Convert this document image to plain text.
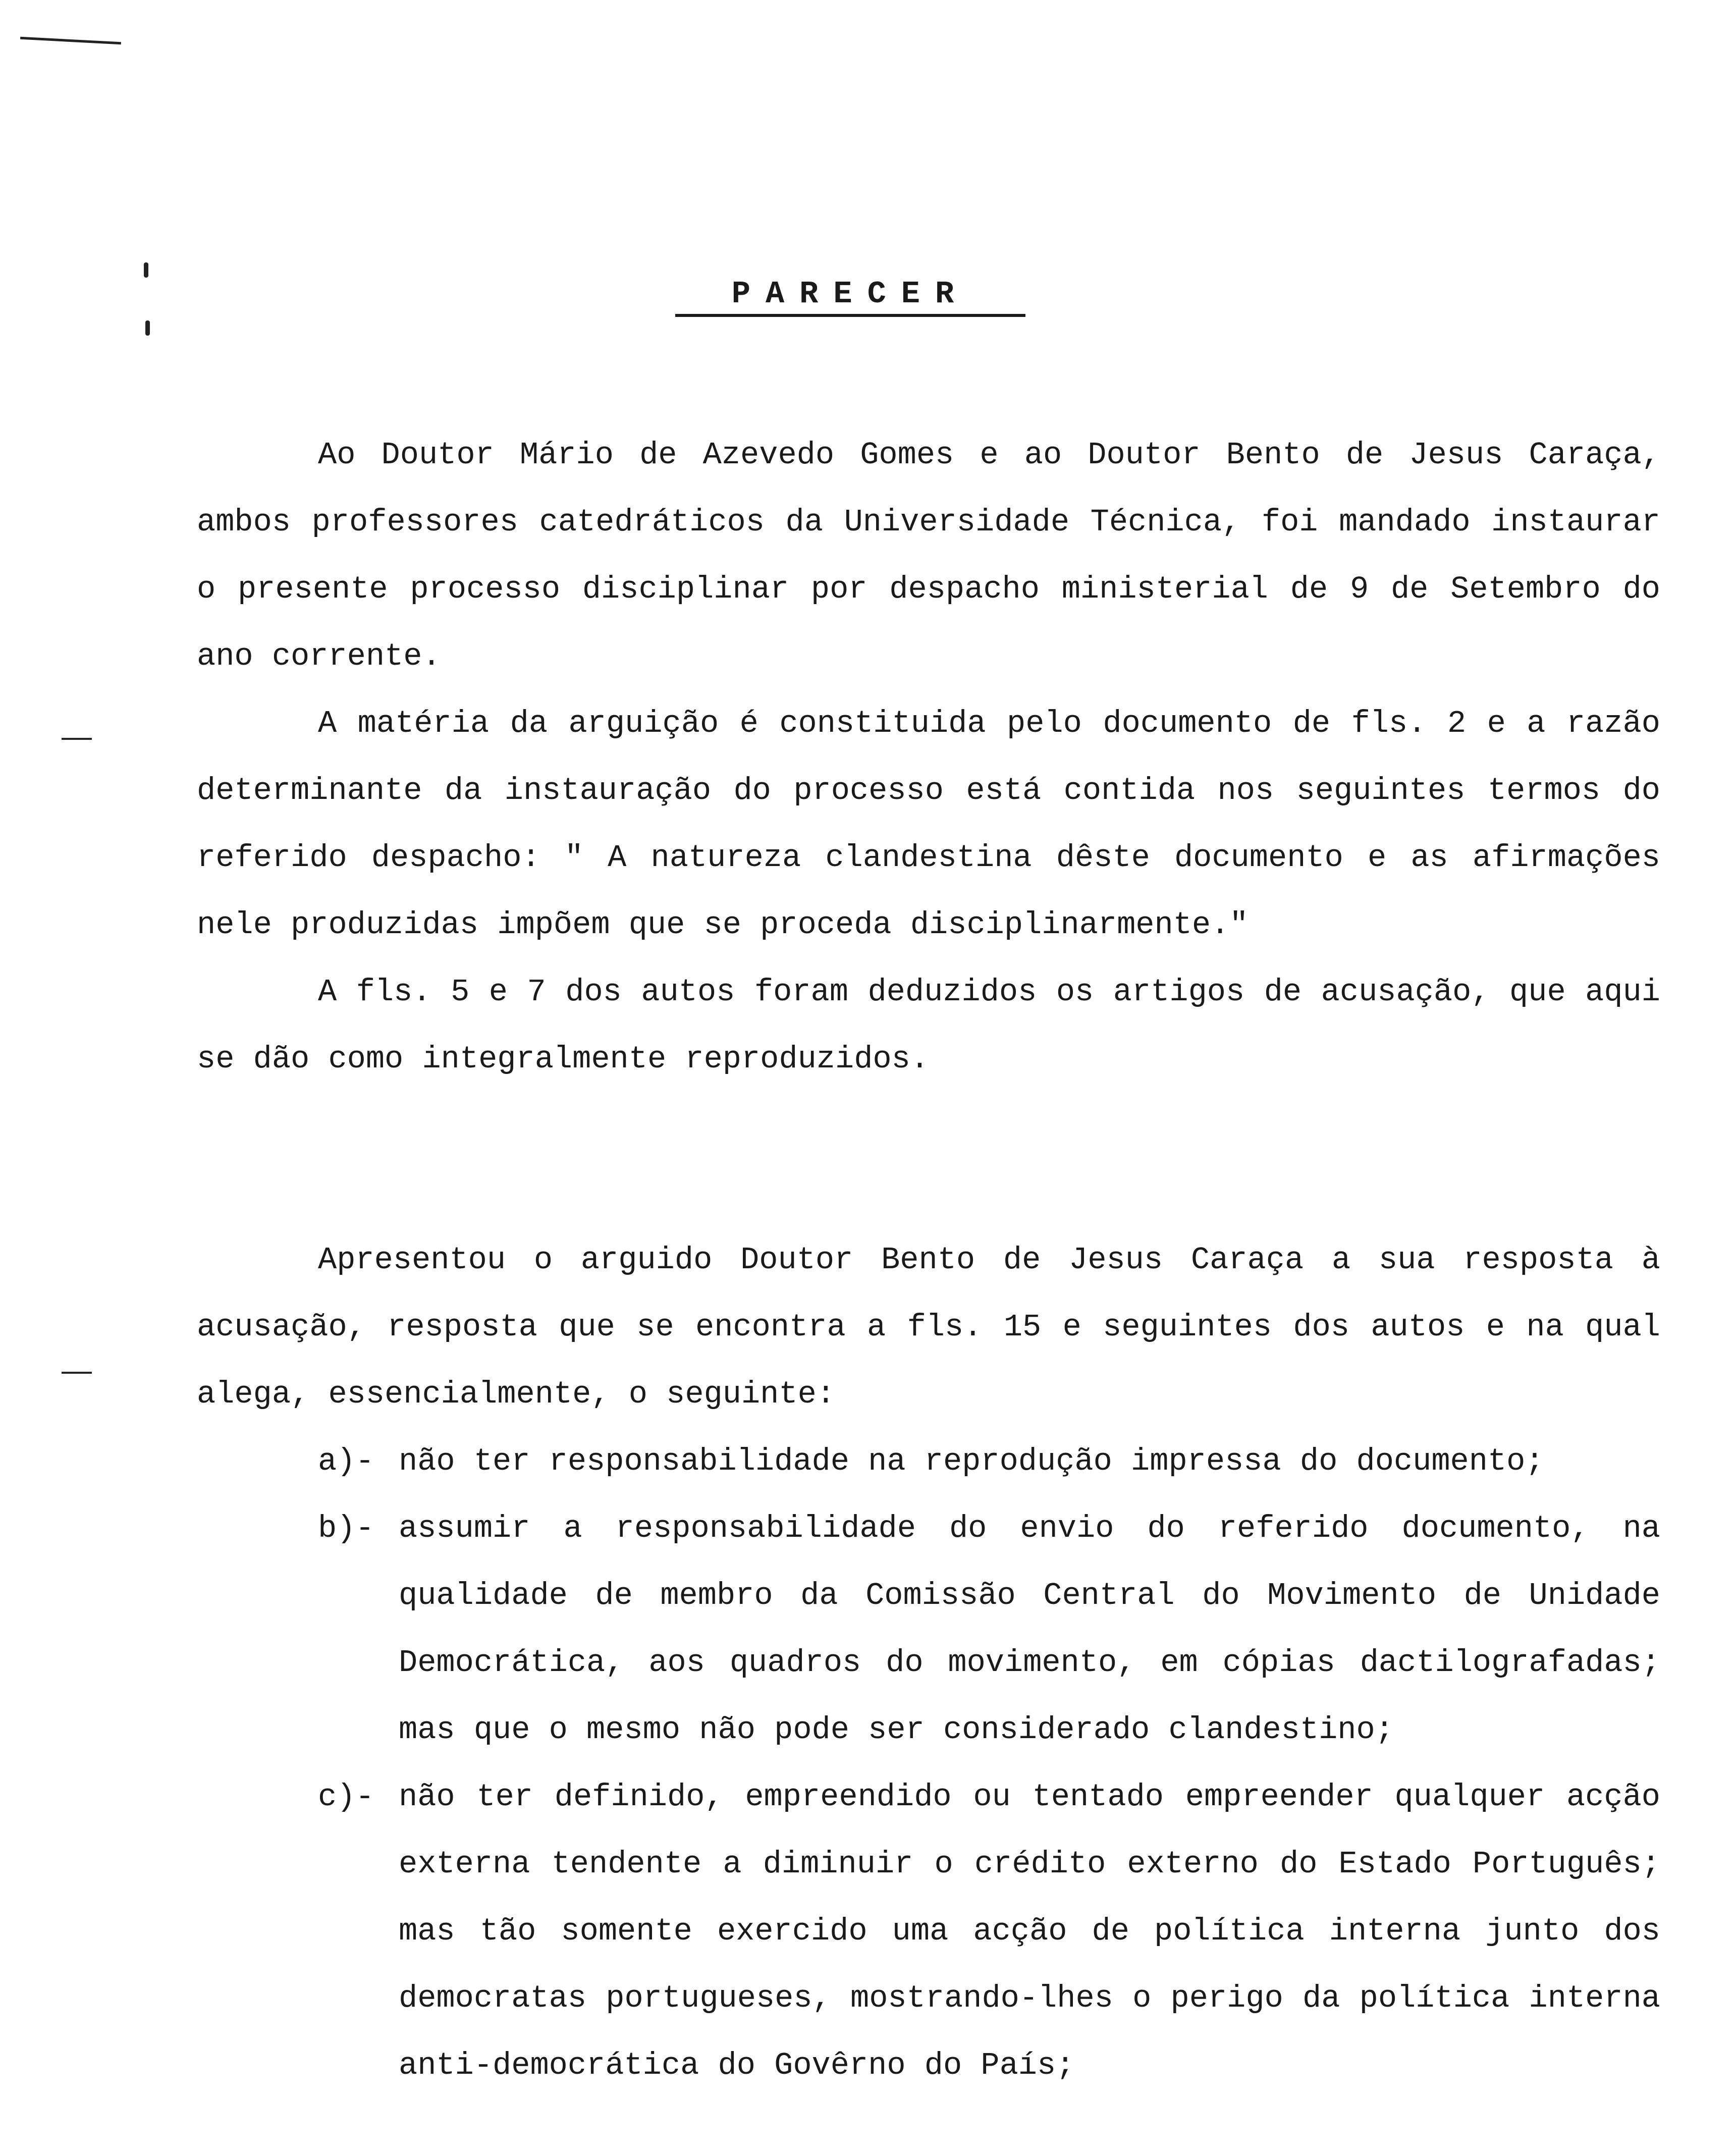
PARECER

Ao Doutor Mário de Azevedo Gomes e ao Doutor Bento de Jesus Caraça, ambos professores catedráticos da Universidade Técnica, foi mandado instaurar o presente processo disciplinar por despacho ministerial de 9 de Setembro do ano corrente.

A matéria da arguição é constituida pelo documento de fls. 2 e a razão determinante da instauração do processo está contida nos seguintes termos do referido despacho: " A natureza clandestina dêste documento e as afirmações nele produzidas impõem que se proceda disciplinarmente."

A fls. 5 e 7 dos autos foram deduzidos os artigos de acusação, que aqui se dão como integralmente reproduzidos.

Apresentou o arguido Doutor Bento de Jesus Caraça a sua resposta à acusação, resposta que se encontra a fls. 15 e seguintes dos autos e na qual alega, essencialmente, o seguinte:

a)- não ter responsabilidade na reprodução impressa do documento;
b)- assumir a responsabilidade do envio do referido documento, na qualidade de membro da Comissão Central do Movimento de Unidade Democrática, aos quadros do movimento, em cópias dactilografadas; mas que o mesmo não pode ser considerado clandestino;
c)- não ter definido, empreendido ou tentado empreender qualquer acção externa tendente a diminuir o crédito externo do Estado Português; mas tão somente exercido uma acção de política interna junto dos democratas portugueses, mostrando-lhes o perigo da política interna anti-democrática do Govêrno do País;
